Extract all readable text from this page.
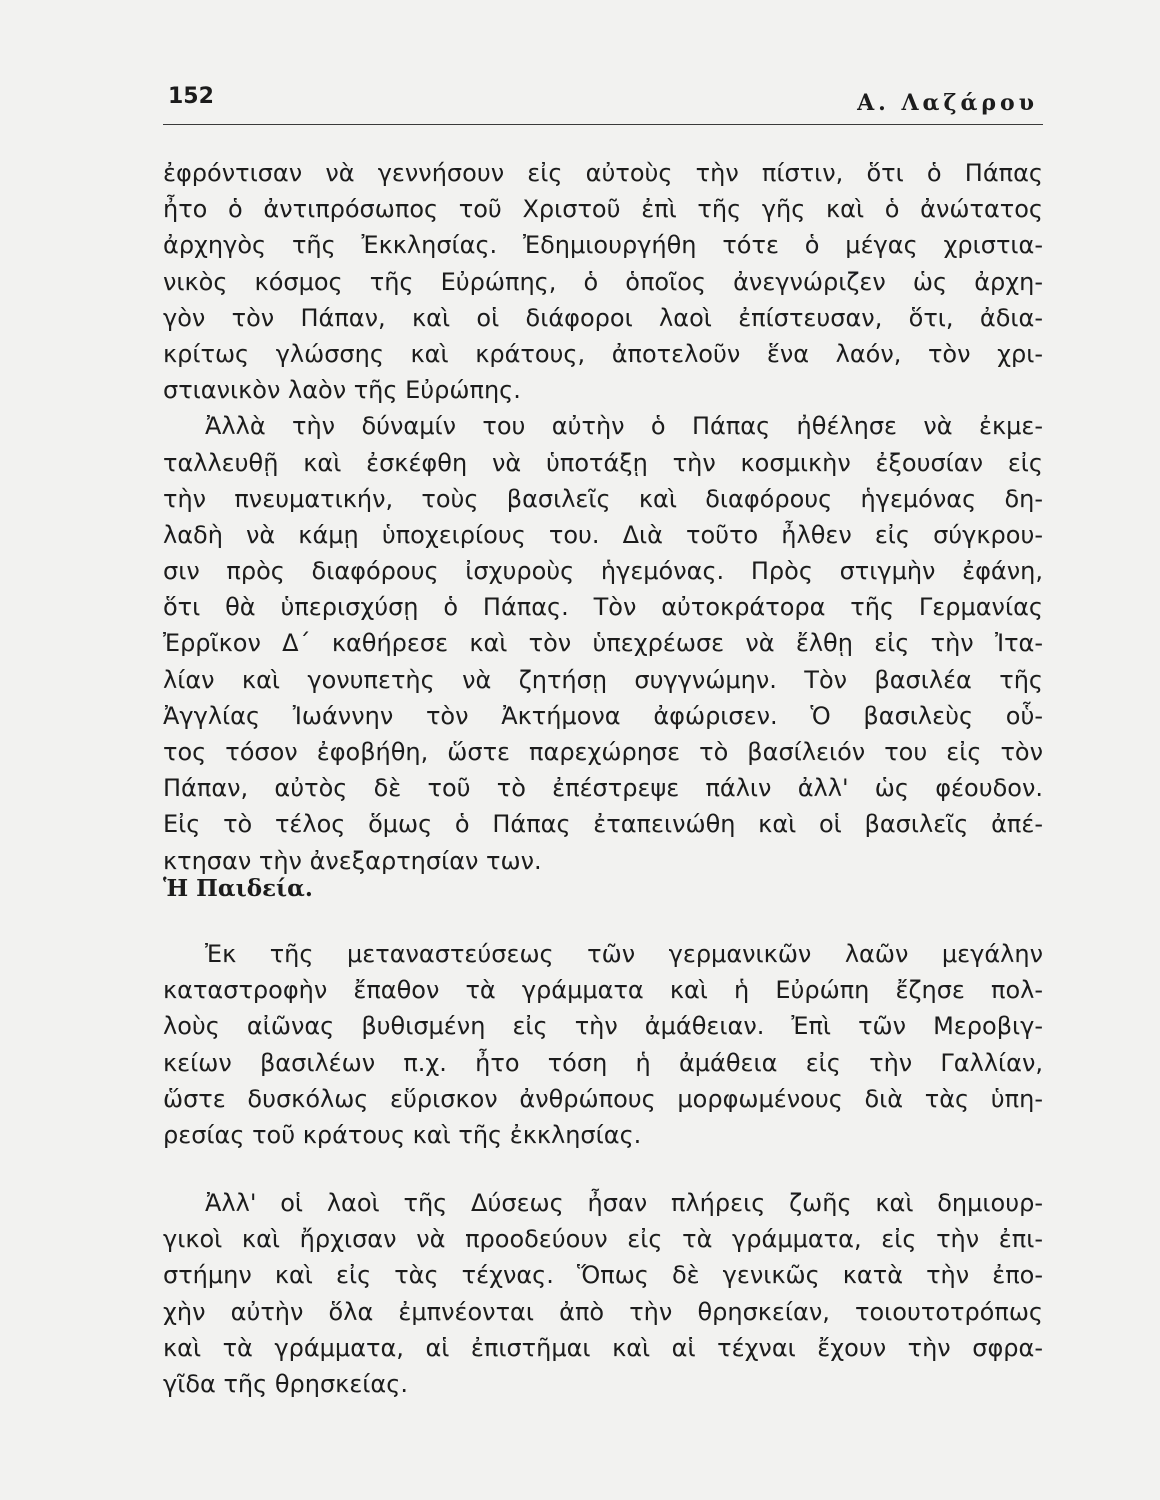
152	Α. Λαζάρου
ἐφρόντισαν νὰ γεννήσουν εἰς αὐτοὺς τὴν πίστιν, ὅτι ὁ Πάπας
ἦτο ὁ ἀντιπρόσωπος τοῦ Χριστοῦ ἐπὶ τῆς γῆς καὶ ὁ ἀνώτατος
ἀρχηγὸς τῆς Ἐκκλησίας. Ἐδημιουργήθη τότε ὁ μέγας χριστια-
νικὸς κόσμος τῆς Εὐρώπης, ὁ ὁποῖος ἀνεγνώριζεν ὡς ἀρχη-
γὸν τὸν Πάπαν, καὶ οἱ διάφοροι λαοὶ ἐπίστευσαν, ὅτι, ἀδια-
κρίτως γλώσσης καὶ κράτους, ἀποτελοῦν ἕνα λαόν, τὸν χρι-
στιανικὸν λαὸν τῆς Εὐρώπης.
Ἀλλὰ τὴν δύναμίν του αὐτὴν ὁ Πάπας ἠθέλησε νὰ ἐκμε-
ταλλευθῇ καὶ ἐσκέφθη νὰ ὑποτάξῃ τὴν κοσμικὴν ἐξουσίαν εἰς
τὴν πνευματικήν, τοὺς βασιλεῖς καὶ διαφόρους ἡγεμόνας δη-
λαδὴ νὰ κάμῃ ὑποχειρίους του. Διὰ τοῦτο ἦλθεν εἰς σύγκρου-
σιν πρὸς διαφόρους ἰσχυροὺς ἡγεμόνας. Πρὸς στιγμὴν ἐφάνη,
ὅτι θὰ ὑπερισχύσῃ ὁ Πάπας. Τὸν αὐτοκράτορα τῆς Γερμανίας
Ἐρρῖκον Δ΄ καθήρεσε καὶ τὸν ὑπεχρέωσε νὰ ἔλθῃ εἰς τὴν Ἰτα-
λίαν καὶ γονυπετὴς νὰ ζητήσῃ συγγνώμην. Τὸν βασιλέα τῆς
Ἀγγλίας Ἰωάννην τὸν Ἀκτήμονα ἀφώρισεν. Ὁ βασιλεὺς οὗ-
τος τόσον ἐφοβήθη, ὥστε παρεχώρησε τὸ βασίλειόν του εἰς τὸν
Πάπαν, αὐτὸς δὲ τοῦ τὸ ἐπέστρεψε πάλιν ἀλλ' ὡς φέουδον.
Εἰς τὸ τέλος ὅμως ὁ Πάπας ἐταπεινώθη καὶ οἱ βασιλεῖς ἀπέ-
κτησαν τὴν ἀνεξαρτησίαν των.
Ἡ Παιδεία.
Ἐκ τῆς μεταναστεύσεως τῶν γερμανικῶν λαῶν μεγάλην
καταστροφὴν ἔπαθον τὰ γράμματα καὶ ἡ Εὐρώπη ἔζησε πολ-
λοὺς αἰῶνας βυθισμένη εἰς τὴν ἀμάθειαν. Ἐπὶ τῶν Μεροβιγ-
κείων βασιλέων π.χ. ἦτο τόση ἡ ἀμάθεια εἰς τὴν Γαλλίαν,
ὥστε δυσκόλως εὕρισκον ἀνθρώπους μορφωμένους διὰ τὰς ὑπη-
ρεσίας τοῦ κράτους καὶ τῆς ἐκκλησίας.
Ἀλλ' οἱ λαοὶ τῆς Δύσεως ἦσαν πλήρεις ζωῆς καὶ δημιουρ-
γικοὶ καὶ ἤρχισαν νὰ προοδεύουν εἰς τὰ γράμματα, εἰς τὴν ἐπι-
στήμην καὶ εἰς τὰς τέχνας. Ὅπως δὲ γενικῶς κατὰ τὴν ἐπο-
χὴν αὐτὴν ὅλα ἐμπνέονται ἀπὸ τὴν θρησκείαν, τοιουτοτρόπως
καὶ τὰ γράμματα, αἱ ἐπιστῆμαι καὶ αἱ τέχναι ἔχουν τὴν σφρα-
γῖδα τῆς θρησκείας.
